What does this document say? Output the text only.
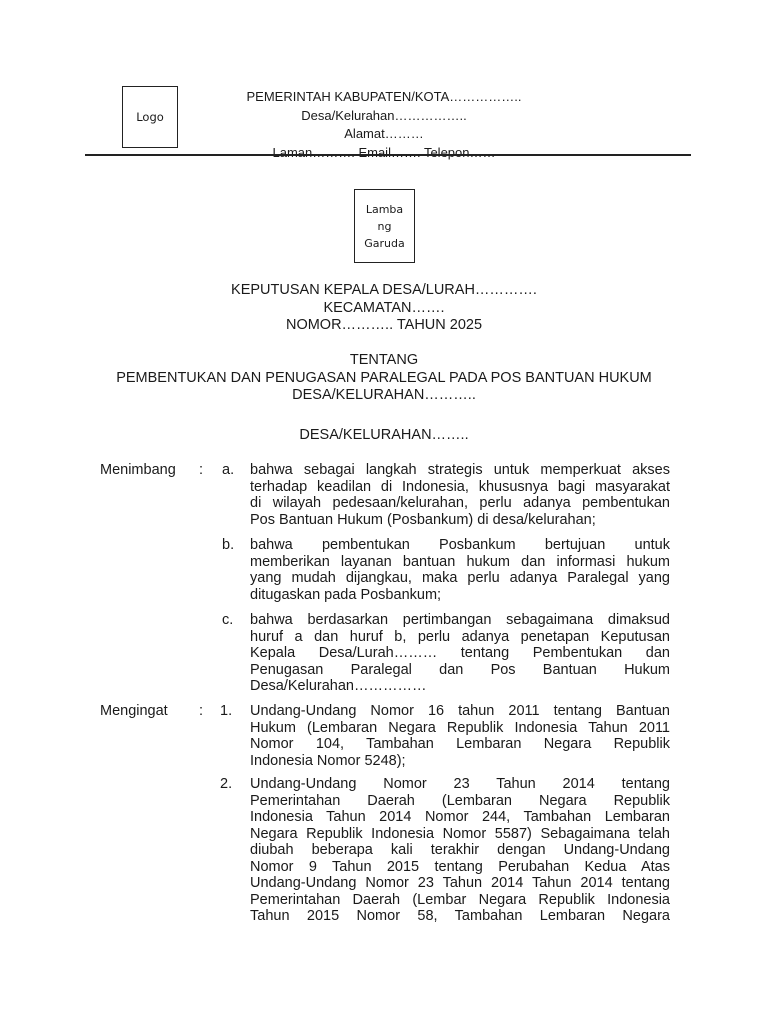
Logo
PEMERINTAH KABUPATEN/KOTA……………..
Desa/Kelurahan……………..
Alamat………
Laman………. Email……. Telepon……
Lamba
ng
Garuda
KEPUTUSAN KEPALA DESA/LURAH………….
KECAMATAN…….
NOMOR……….. TAHUN 2025
TENTANG
PEMBENTUKAN DAN PENUGASAN PARALEGAL PADA POS BANTUAN HUKUM
DESA/KELURAHAN………..
DESA/KELURAHAN……..
Menimbang : a. bahwa sebagai langkah strategis untuk memperkuat akses
terhadap keadilan di Indonesia, khususnya bagi masyarakat
di wilayah pedesaan/kelurahan, perlu adanya pembentukan
Pos Bantuan Hukum (Posbankum) di desa/kelurahan;
b. bahwa pembentukan Posbankum bertujuan untuk
memberikan layanan bantuan hukum dan informasi hukum
yang mudah dijangkau, maka perlu adanya Paralegal yang
ditugaskan pada Posbankum;
c. bahwa berdasarkan pertimbangan sebagaimana dimaksud
huruf a dan huruf b, perlu adanya penetapan Keputusan
Kepala Desa/Lurah……… tentang Pembentukan dan
Penugasan Paralegal dan Pos Bantuan Hukum
Desa/Kelurahan……………
Mengingat : 1. Undang-Undang Nomor 16 tahun 2011 tentang Bantuan
Hukum (Lembaran Negara Republik Indonesia Tahun 2011
Nomor 104, Tambahan Lembaran Negara Republik
Indonesia Nomor 5248);
2. Undang-Undang Nomor 23 Tahun 2014 tentang
Pemerintahan Daerah (Lembaran Negara Republik
Indonesia Tahun 2014 Nomor 244, Tambahan Lembaran
Negara Republik Indonesia Nomor 5587) Sebagaimana telah
diubah beberapa kali terakhir dengan Undang-Undang
Nomor 9 Tahun 2015 tentang Perubahan Kedua Atas
Undang-Undang Nomor 23 Tahun 2014 Tahun 2014 tentang
Pemerintahan Daerah (Lembar Negara Republik Indonesia
Tahun 2015 Nomor 58, Tambahan Lembaran Negara
